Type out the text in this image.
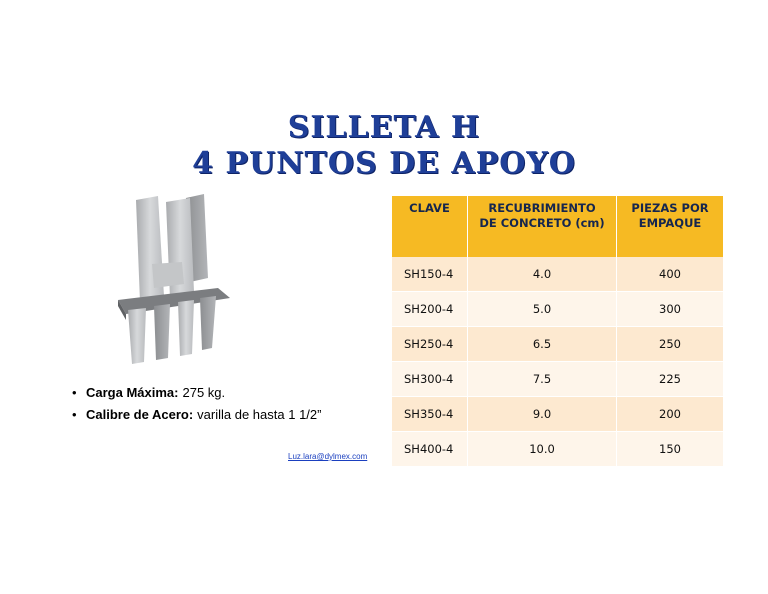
SILLETA H
4 PUNTOS DE APOYO
• Carga Máxima: 275 kg.
• Calibre de Acero: varilla de hasta 1 1/2”
Luz.lara@dylmex.com
CLAVE	RECUBRIMIENTO DE CONCRETO (cm)	PIEZAS POR EMPAQUE
SH150-4	4.0	400
SH200-4	5.0	300
SH250-4	6.5	250
SH300-4	7.5	225
SH350-4	9.0	200
SH400-4	10.0	150
